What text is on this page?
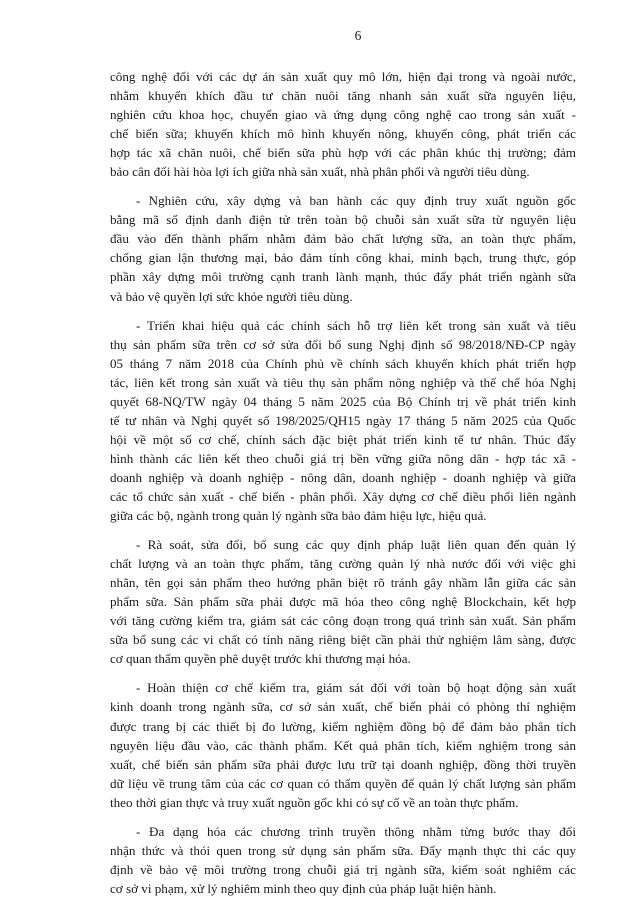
6
công nghệ đối với các dự án sản xuất quy mô lớn, hiện đại trong và ngoài nước,
nhằm khuyến khích đầu tư chăn nuôi tăng nhanh sản xuất sữa nguyên liệu,
nghiên cứu khoa học, chuyển giao và ứng dụng công nghệ cao trong sản xuất -
chế biến sữa; khuyến khích mô hình khuyến nông, khuyến công, phát triển các
hợp tác xã chăn nuôi, chế biến sữa phù hợp với các phân khúc thị trường; đảm
bảo cân đối hài hòa lợi ích giữa nhà sản xuất, nhà phân phối và người tiêu dùng.
- Nghiên cứu, xây dựng và ban hành các quy định truy xuất nguồn gốc
bằng mã số định danh điện tử trên toàn bộ chuỗi sản xuất sữa từ nguyên liệu
đầu vào đến thành phẩm nhằm đảm bảo chất lượng sữa, an toàn thực phẩm,
chống gian lận thương mại, bảo đảm tính công khai, minh bạch, trung thực, góp
phần xây dựng môi trường cạnh tranh lành mạnh, thúc đẩy phát triển ngành sữa
và bảo vệ quyền lợi sức khỏe người tiêu dùng.
- Triển khai hiệu quả các chính sách hỗ trợ liên kết trong sản xuất và tiêu
thụ sản phẩm sữa trên cơ sở sửa đổi bổ sung Nghị định số 98/2018/NĐ-CP ngày
05 tháng 7 năm 2018 của Chính phủ về chính sách khuyến khích phát triển hợp
tác, liên kết trong sản xuất và tiêu thụ sản phẩm nông nghiệp và thể chế hóa Nghị
quyết 68-NQ/TW ngày 04 tháng 5 năm 2025 của Bộ Chính trị về phát triển kinh
tế tư nhân và Nghị quyết số 198/2025/QH15 ngày 17 tháng 5 năm 2025 của Quốc
hội về một số cơ chế, chính sách đặc biệt phát triển kinh tế tư nhân. Thúc đẩy
hình thành các liên kết theo chuỗi giá trị bền vững giữa nông dân - hợp tác xã -
doanh nghiệp và doanh nghiệp - nông dân, doanh nghiệp - doanh nghiệp và giữa
các tổ chức sản xuất - chế biến - phân phối. Xây dựng cơ chế điều phối liên ngành
giữa các bộ, ngành trong quản lý ngành sữa bảo đảm hiệu lực, hiệu quả.
- Rà soát, sửa đổi, bổ sung các quy định pháp luật liên quan đến quản lý
chất lượng và an toàn thực phẩm, tăng cường quản lý nhà nước đối với việc ghi
nhãn, tên gọi sản phẩm theo hướng phân biệt rõ tránh gây nhầm lẫn giữa các sản
phẩm sữa. Sản phẩm sữa phải được mã hóa theo công nghệ Blockchain, kết hợp
với tăng cường kiểm tra, giám sát các công đoạn trong quá trình sản xuất. Sản phẩm
sữa bổ sung các vi chất có tính năng riêng biệt cần phải thử nghiệm lâm sàng, được
cơ quan thẩm quyền phê duyệt trước khi thương mại hóa.
- Hoàn thiện cơ chế kiểm tra, giám sát đối với toàn bộ hoạt động sản xuất
kinh doanh trong ngành sữa, cơ sở sản xuất, chế biến phải có phòng thí nghiệm
được trang bị các thiết bị đo lường, kiểm nghiệm đồng bộ để đảm bảo phân tích
nguyên liệu đầu vào, các thành phẩm. Kết quả phân tích, kiểm nghiệm trong sản
xuất, chế biến sản phẩm sữa phải được lưu trữ tại doanh nghiệp, đồng thời truyền
dữ liệu về trung tâm của các cơ quan có thẩm quyền để quản lý chất lượng sản phẩm
theo thời gian thực và truy xuất nguồn gốc khi có sự cố về an toàn thực phẩm.
- Đa dạng hóa các chương trình truyền thông nhằm từng bước thay đổi
nhận thức và thói quen trong sử dụng sản phẩm sữa. Đẩy mạnh thực thi các quy
định về bảo vệ môi trường trong chuỗi giá trị ngành sữa, kiểm soát nghiêm các
cơ sở vi phạm, xử lý nghiêm minh theo quy định của pháp luật hiện hành.
